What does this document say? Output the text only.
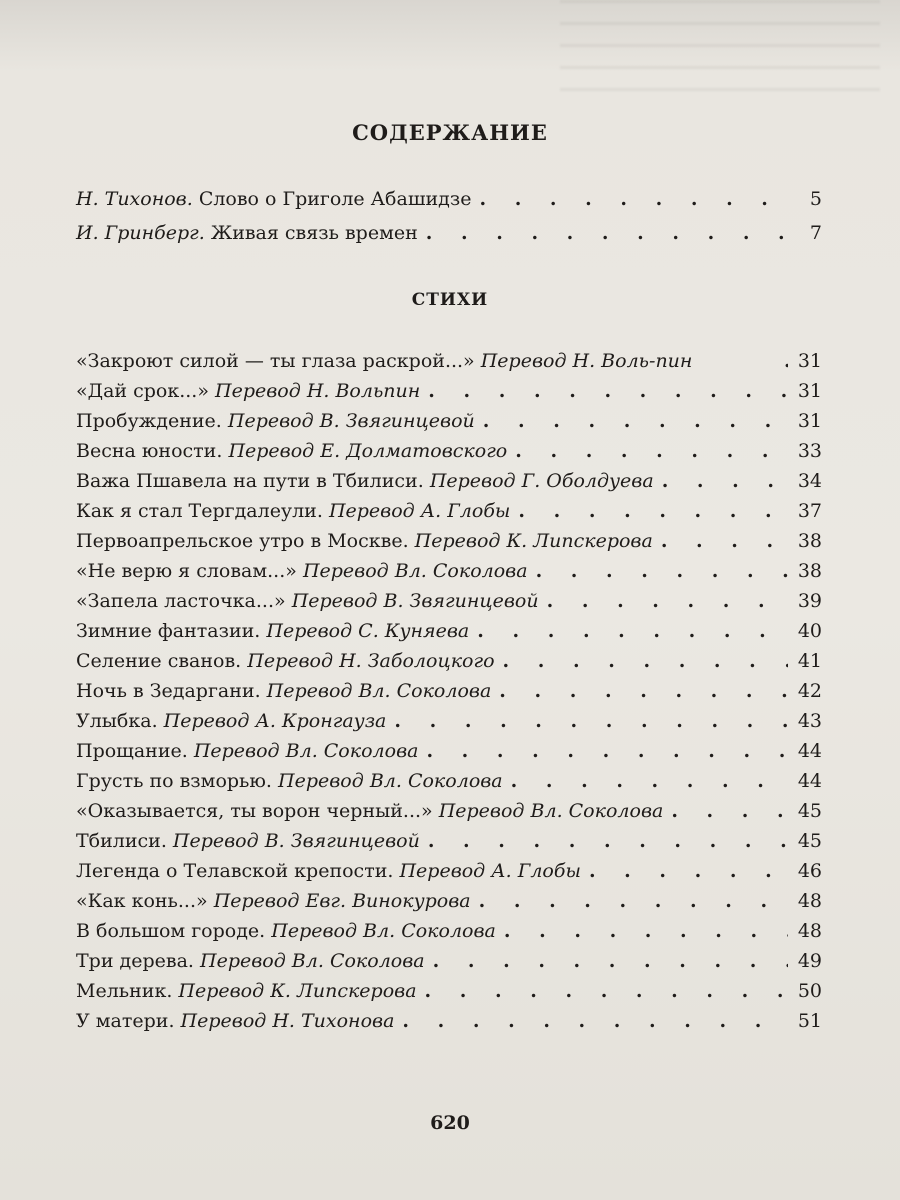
СОДЕРЖАНИЕ
Н. Тихонов. Слово о Григоле Абашидзе . . .	5
И. Гринберг. Живая связь времен . . .	7
СТИХИ
«Закроют силой — ты глаза раскрой...» Перевод Н. Воль-пин . . .	31
«Дай срок...» Перевод Н. Вольпин . . .	31
Пробуждение. Перевод В. Звягинцевой . . .	31
Весна юности. Перевод Е. Долматовского . . .	33
Важа Пшавела на пути в Тбилиси. Перевод Г. Оболдуева . . .	34
Как я стал Тергдалеули. Перевод А. Глобы . . .	37
Первоапрельское утро в Москве. Перевод К. Липскерова . . .	38
«Не верю я словам...» Перевод Вл. Соколова . . .	38
«Запела ласточка...» Перевод В. Звягинцевой . . .	39
Зимние фантазии. Перевод С. Куняева . . .	40
Селение сванов. Перевод Н. Заболоцкого . . .	41
Ночь в Зедаргани. Перевод Вл. Соколова . . .	42
Улыбка. Перевод А. Кронгауза . . .	43
Прощание. Перевод Вл. Соколова . . .	44
Грусть по взморью. Перевод Вл. Соколова . . .	44
«Оказывается, ты ворон черный...» Перевод Вл. Соколова . . .	45
Тбилиси. Перевод В. Звягинцевой . . .	45
Легенда о Телавской крепости. Перевод А. Глобы . . .	46
«Как конь...» Перевод Евг. Винокурова . . .	48
В большом городе. Перевод Вл. Соколова . . .	48
Три дерева. Перевод Вл. Соколова . . .	49
Мельник. Перевод К. Липскерова . . .	50
У матери. Перевод Н. Тихонова . . .	51
620
